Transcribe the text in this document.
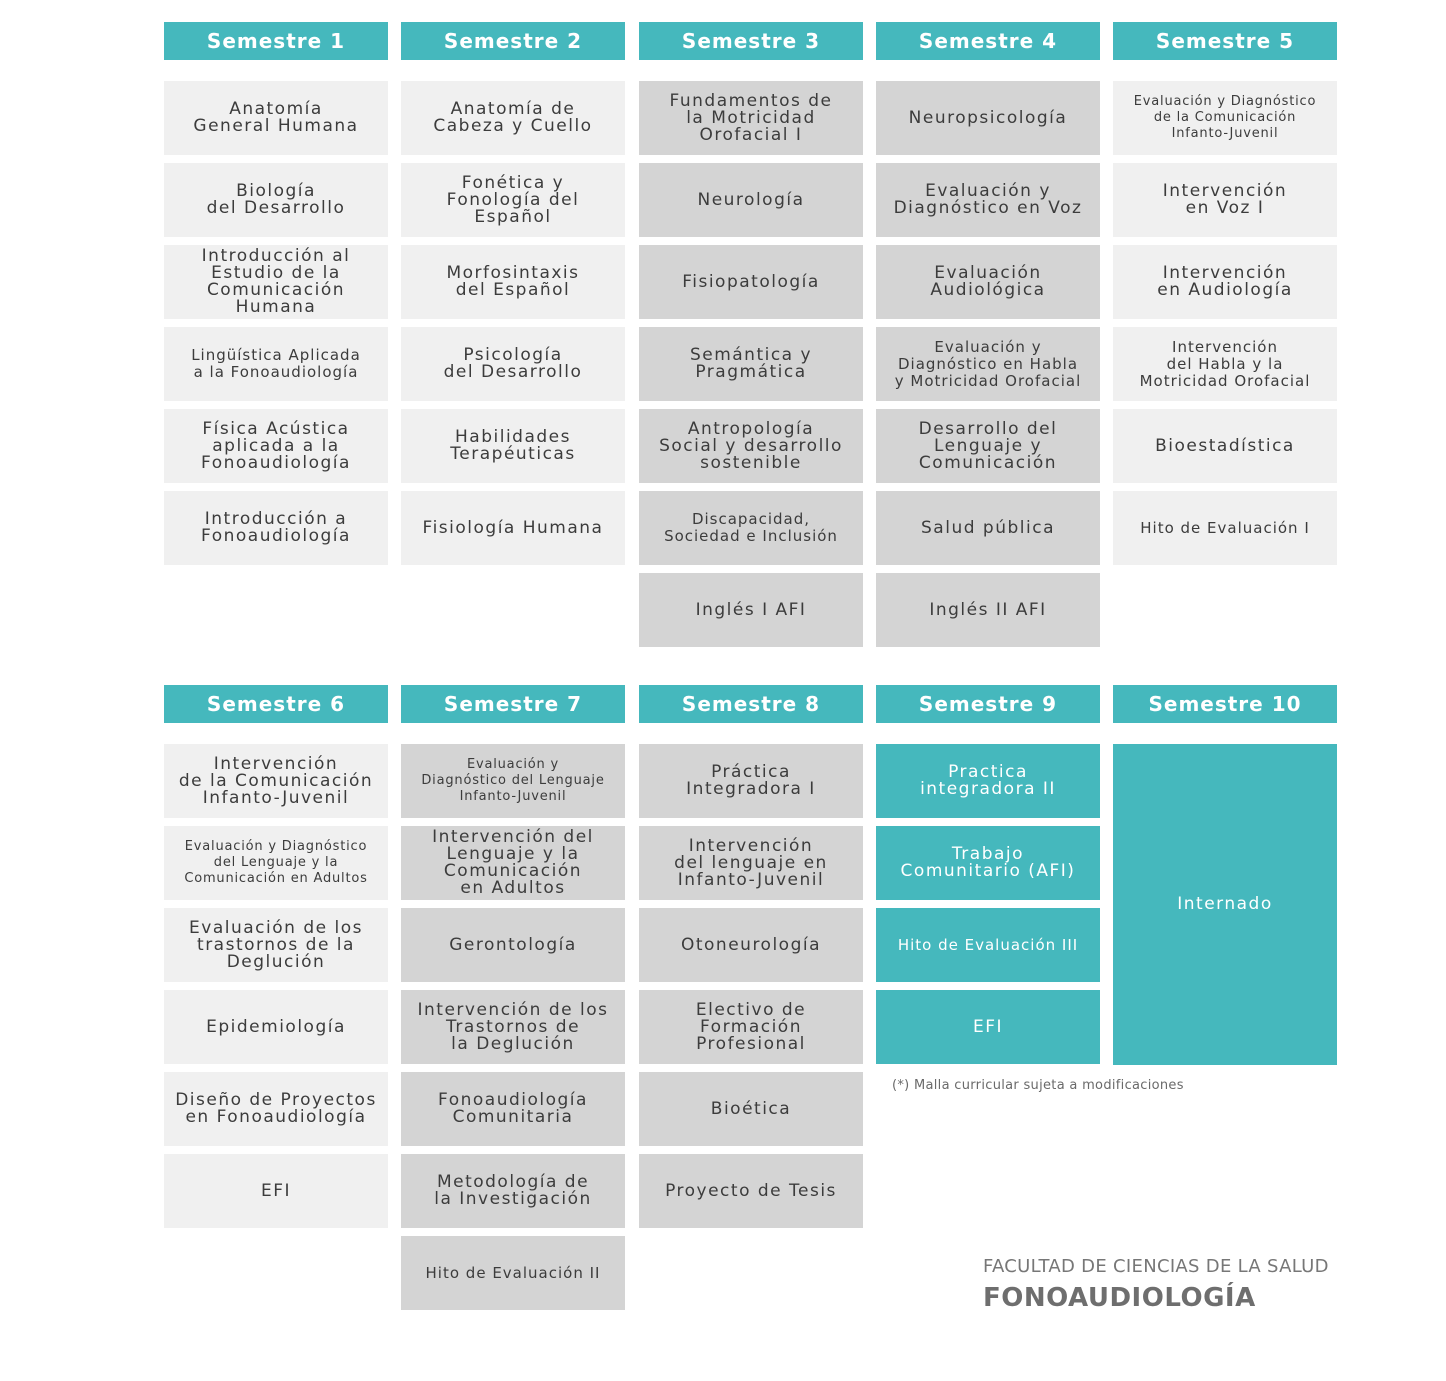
Semestre 1
Anatomía
General Humana
Biología
del Desarrollo
Introducción al
Estudio de la
Comunicación Humana
Lingüística Aplicada
a la Fonoaudiología
Física Acústica
aplicada a la
Fonoaudiología
Introducción a
Fonoaudiología
Semestre 2
Anatomía de
Cabeza y Cuello
Fonética y
Fonología del
Español
Morfosintaxis
del Español
Psicología
del Desarrollo
Habilidades
Terapéuticas
Fisiología Humana
Semestre 3
Fundamentos de
la Motricidad
Orofacial I
Neurología
Fisiopatología
Semántica y
Pragmática
Antropología
Social y desarrollo
sostenible
Discapacidad,
Sociedad e Inclusión
Inglés I AFI
Semestre 4
Neuropsicología
Evaluación y
Diagnóstico en Voz
Evaluación
Audiológica
Evaluación y
Diagnóstico en Habla
y Motricidad Orofacial
Desarrollo del
Lenguaje y
Comunicación
Salud pública
Inglés II AFI
Semestre 5
Evaluación y Diagnóstico
de la Comunicación
Infanto-Juvenil
Intervención
en Voz I
Intervención
en Audiología
Intervención
del Habla y la
Motricidad Orofacial
Bioestadística
Hito de Evaluación I
Semestre 6
Intervención
de la Comunicación
Infanto-Juvenil
Evaluación y Diagnóstico
del Lenguaje y la
Comunicación en Adultos
Evaluación de los
trastornos de la
Deglución
Epidemiología
Diseño de Proyectos
en Fonoaudiología
EFI
Semestre 7
Evaluación y
Diagnóstico del Lenguaje
Infanto-Juvenil
Intervención del
Lenguaje y la
Comunicación
en Adultos
Gerontología
Intervención de los
Trastornos de
la Deglución
Fonoaudiología
Comunitaria
Metodología de
la Investigación
Hito de Evaluación II
Semestre 8
Práctica
Integradora I
Intervención
del lenguaje en
Infanto-Juvenil
Otoneurología
Electivo de
Formación
Profesional
Bioética
Proyecto de Tesis
Semestre 9
Practica
integradora II
Trabajo
Comunitario (AFI)
Hito de Evaluación III
EFI
Semestre 10
Internado
(*) Malla curricular sujeta a modificaciones
FACULTAD DE CIENCIAS DE LA SALUD
FONOAUDIOLOGÍA
